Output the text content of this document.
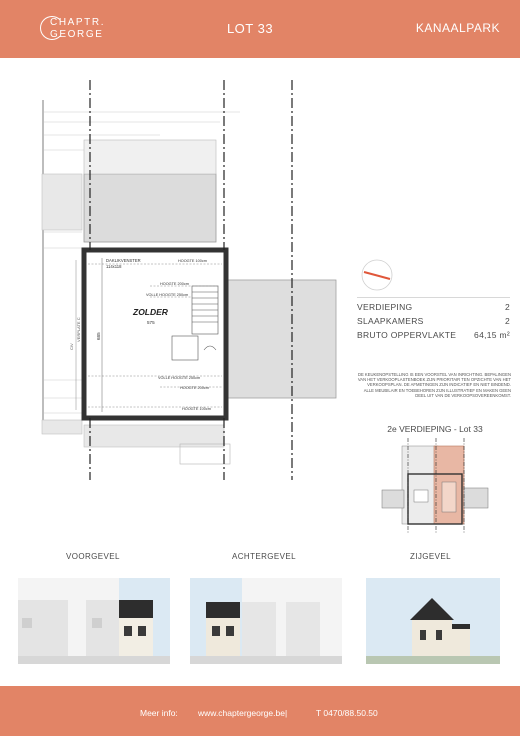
CHAPTR.
GEORGE	LOT 33	KANAALPARK
DAKLIKVENSTER
114x118
HOOGTE 100cm
HOOGTE 200cm
VOLLE HOOGTE 250cm
ZOLDER
575
685
VERPLATE C
C/V
VOLLE HOOGTE 250cm
HOOGTE 200cm
HOOGTE 100cm
VERDIEPING	2
SLAAPKAMERS	2
BRUTO OPPERVLAKTE 64,15 m²
DE KEUKENOPSTELLING IS EEN VOORSTEL VAN INRICHTING. BEPALINGEN VAN HET VERKOOPLASTENBOEK ZIJN PRIORITAIR TEN OPZICHTE VAN HET VERKOOPSPLAN. DE AFMETINGEN ZIJN INDICATIEF EN NIET BINDEND. ALLE MEUBILAIR EN TOEBEHOREN ZIJN ILLUSTRATIEF EN MAKEN GEEN DEEL UIT VAN DE VERKOOPSOVEREENKOMST.
2e VERDIEPING - Lot 33
VOORGEVEL	ACHTERGEVEL	ZIJGEVEL
Meer info: www.chaptergeorge.be|	T 0470/88.50.50
